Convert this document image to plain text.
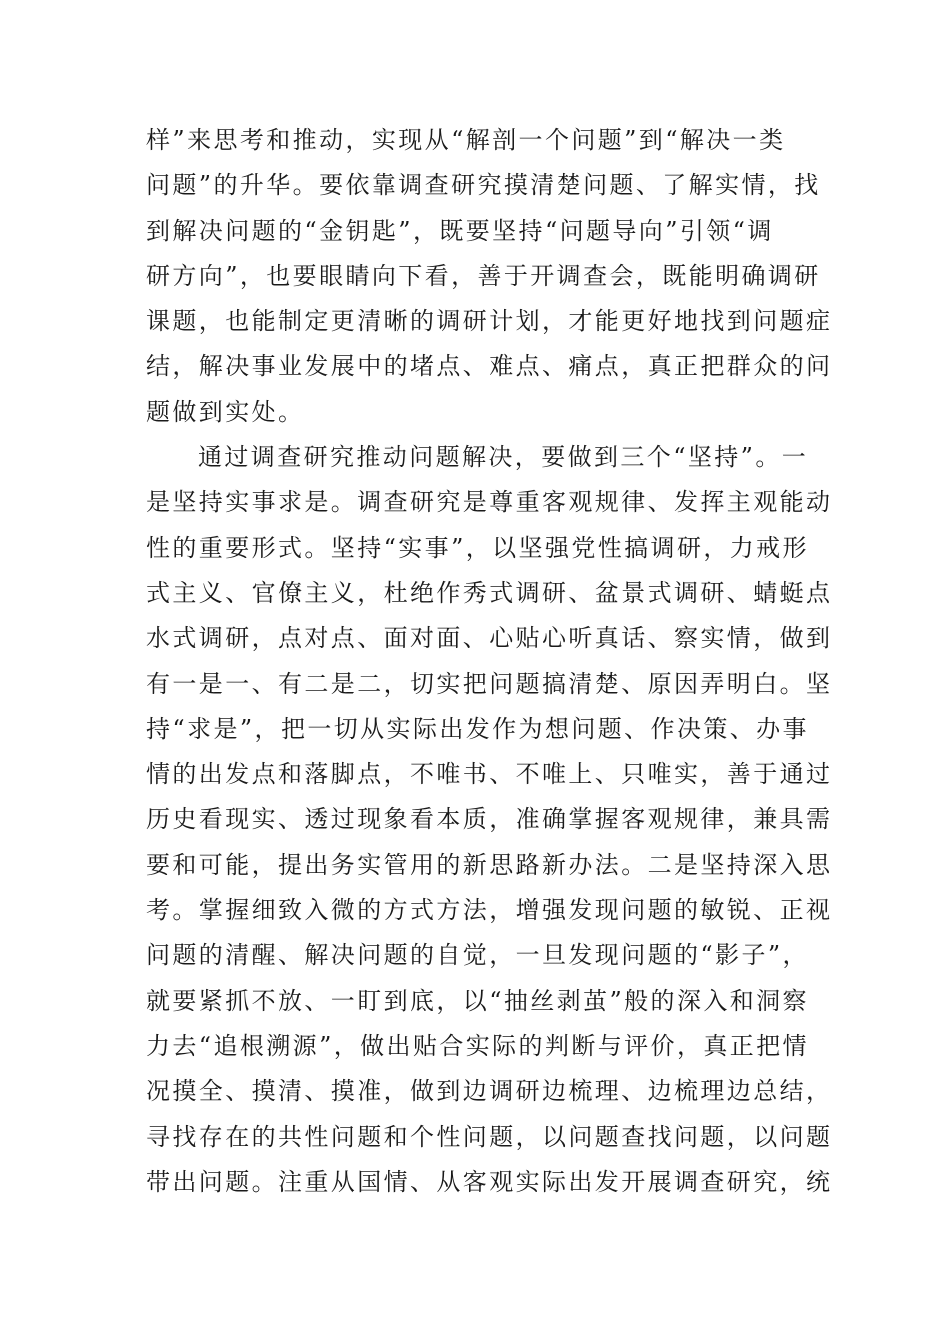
样”来思考和推动，实现从“解剖一个问题”到“解决一类
问题”的升华。要依靠调查研究摸清楚问题、了解实情，找
到解决问题的“金钥匙”，既要坚持“问题导向”引领“调
研方向”，也要眼睛向下看，善于开调查会，既能明确调研
课题，也能制定更清晰的调研计划，才能更好地找到问题症
结，解决事业发展中的堵点、难点、痛点，真正把群众的问
题做到实处。
通过调查研究推动问题解决，要做到三个“坚持”。一
是坚持实事求是。调查研究是尊重客观规律、发挥主观能动
性的重要形式。坚持“实事”，以坚强党性搞调研，力戒形
式主义、官僚主义，杜绝作秀式调研、盆景式调研、蜻蜓点
水式调研，点对点、面对面、心贴心听真话、察实情，做到
有一是一、有二是二，切实把问题搞清楚、原因弄明白。坚
持“求是”，把一切从实际出发作为想问题、作决策、办事
情的出发点和落脚点，不唯书、不唯上、只唯实，善于通过
历史看现实、透过现象看本质，准确掌握客观规律，兼具需
要和可能，提出务实管用的新思路新办法。二是坚持深入思
考。掌握细致入微的方式方法，增强发现问题的敏锐、正视
问题的清醒、解决问题的自觉，一旦发现问题的“影子”，
就要紧抓不放、一盯到底，以“抽丝剥茧”般的深入和洞察
力去“追根溯源”，做出贴合实际的判断与评价，真正把情
况摸全、摸清、摸准，做到边调研边梳理、边梳理边总结，
寻找存在的共性问题和个性问题，以问题查找问题，以问题
带出问题。注重从国情、从客观实际出发开展调查研究，统
